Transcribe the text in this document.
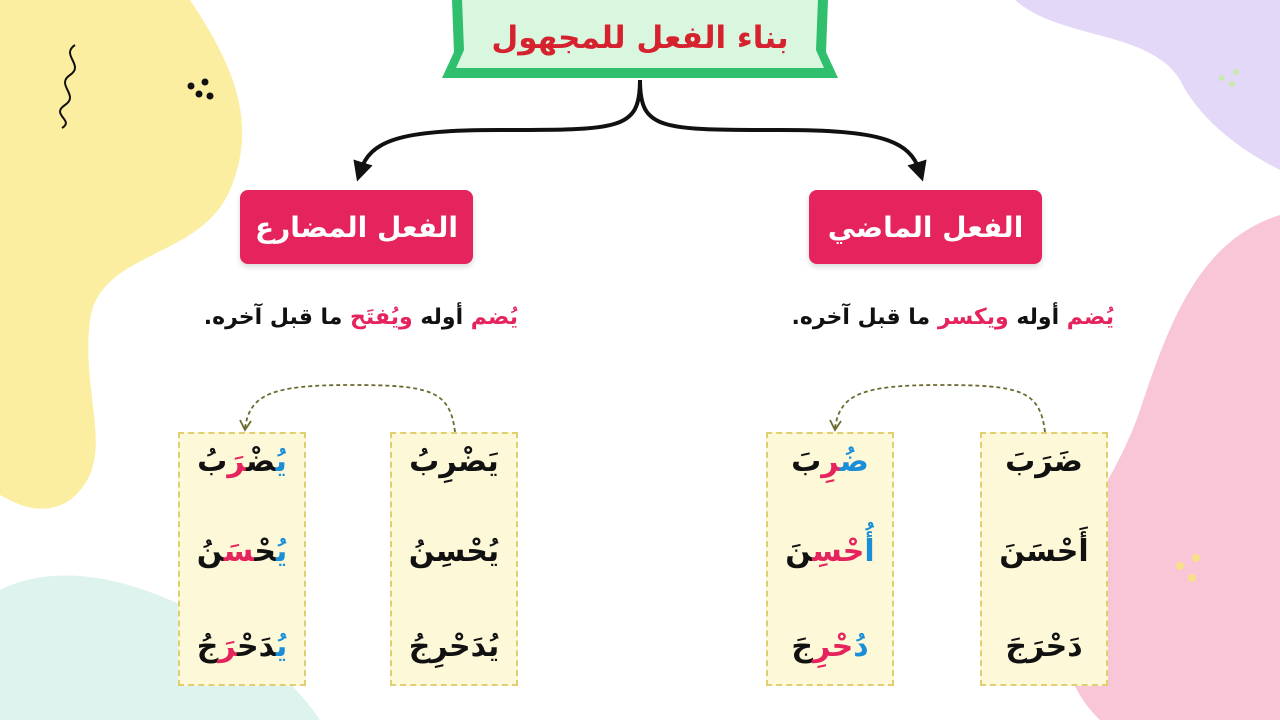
بناء الفعل للمجهول
الفعل المضارع	الفعل الماضي
يُضم أوله ويُفتَح ما قبل آخره.	يُضم أوله ويكسر ما قبل آخره.
يُضْرَبُ
يُحْسَنُ
يُدَحْرَجُ
يَضْرِبُ
يُحْسِنُ
يُدَحْرِجُ
ضُرِبَ
أُحْسِنَ
دُحْرِجَ
ضَرَبَ
أَحْسَنَ
دَحْرَجَ
